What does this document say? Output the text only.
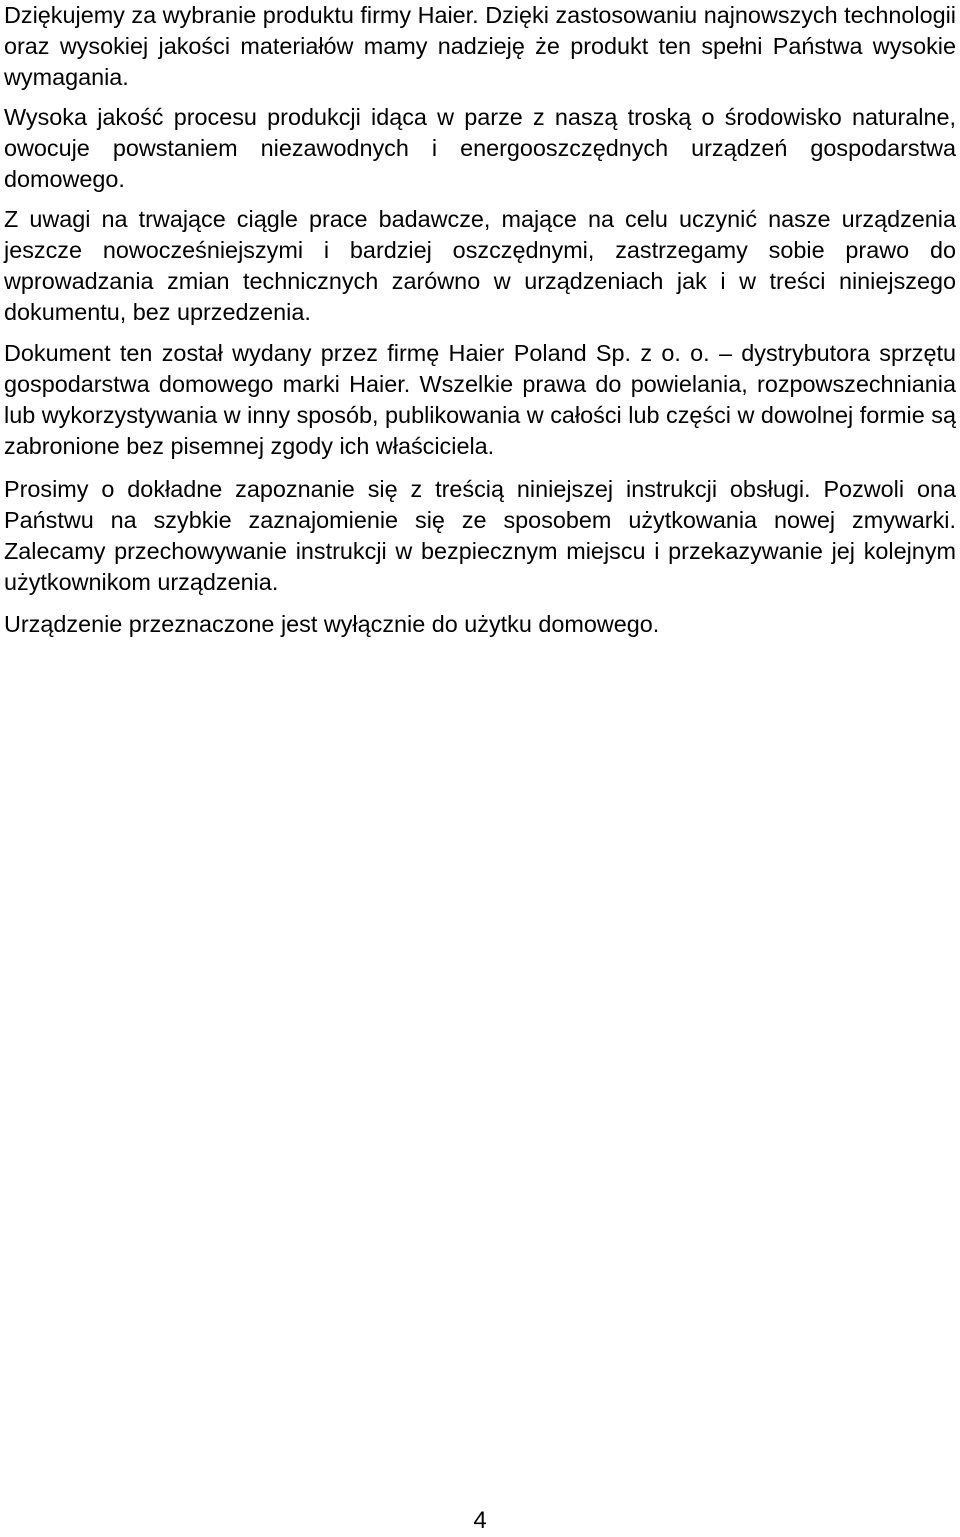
Dziękujemy za wybranie produktu firmy Haier. Dzięki zastosowaniu najnowszych technologii oraz wysokiej jakości materiałów mamy nadzieję że produkt ten spełni Państwa wysokie wymagania.

Wysoka jakość procesu produkcji idąca w parze z naszą troską o środowisko naturalne, owocuje powstaniem niezawodnych i energooszczędnych urządzeń gospodarstwa domowego.

Z uwagi na trwające ciągle prace badawcze, mające na celu uczynić nasze urządzenia jeszcze nowocześniejszymi i bardziej oszczędnymi, zastrzegamy sobie prawo do wprowadzania zmian technicznych zarówno w urządzeniach jak i w treści niniejszego dokumentu, bez uprzedzenia.

Dokument ten został wydany przez firmę Haier Poland Sp. z o. o. – dystrybutora sprzętu gospodarstwa domowego marki Haier. Wszelkie prawa do powielania, rozpowszechniania lub wykorzystywania w inny sposób, publikowania w całości lub części w dowolnej formie są zabronione bez pisemnej zgody ich właściciela.

Prosimy o dokładne zapoznanie się z treścią niniejszej instrukcji obsługi. Pozwoli ona Państwu na szybkie zaznajomienie się ze sposobem użytkowania nowej zmywarki. Zalecamy przechowywanie instrukcji w bezpiecznym miejscu i przekazywanie jej kolejnym użytkownikom urządzenia.

Urządzenie przeznaczone jest wyłącznie do użytku domowego.

4
